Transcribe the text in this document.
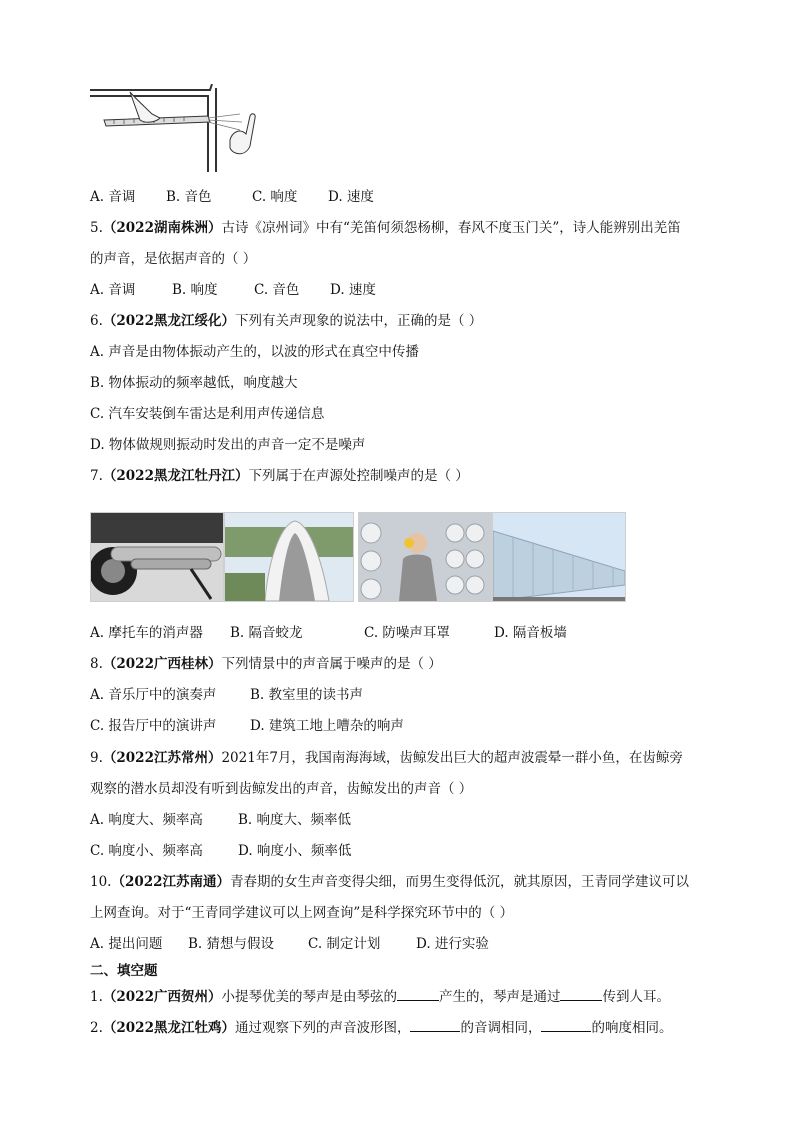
A. 音调 B. 音色	C. 响度 D. 速度
5.（2022湖南株洲）古诗《凉州词》中有“羌笛何须怨杨柳，春风不度玉门关”，诗人能辨别出羌笛
的声音，是依据声音的（ ）
A. 音调	B. 响度	C. 音色 D. 速度
6.（2022黑龙江绥化）下列有关声现象的说法中，正确的是（ ）
A. 声音是由物体振动产生的，以波的形式在真空中传播
B. 物体振动的频率越低，响度越大
C. 汽车安装倒车雷达是利用声传递信息
D. 物体做规则振动时发出的声音一定不是噪声
7.（2022黑龙江牡丹江）下列属于在声源处控制噪声的是（ ）
A. 摩托车的消声器 B. 隔音蛟龙	C. 防噪声耳罩	D. 隔音板墙
8.（2022广西桂林）下列情景中的声音属于噪声的是（ ）
A. 音乐厅中的演奏声 B. 教室里的读书声
C. 报告厅中的演讲声 D. 建筑工地上嘈杂的响声
9.（2022江苏常州）2021年7月，我国南海海域，齿鲸发出巨大的超声波震晕一群小鱼，在齿鲸旁
观察的潜水员却没有听到齿鲸发出的声音，齿鲸发出的声音（ ）
A. 响度大、频率高	B. 响度大、频率低
C. 响度小、频率高	D. 响度小、频率低
10.（2022江苏南通）青春期的女生声音变得尖细，而男生变得低沉，就其原因，王青同学建议可以
上网查询。对于“王青同学建议可以上网查询”是科学探究环节中的（ ）
A. 提出问题 B. 猜想与假设	C. 制定计划	D. 进行实验
二、填空题
1.（2022广西贺州）小提琴优美的琴声是由琴弦的	产生的，琴声是通过	传到人耳。
2.（2022黑龙江牡鸡）通过观察下列的声音波形图，	的音调相同，	的响度相同。
